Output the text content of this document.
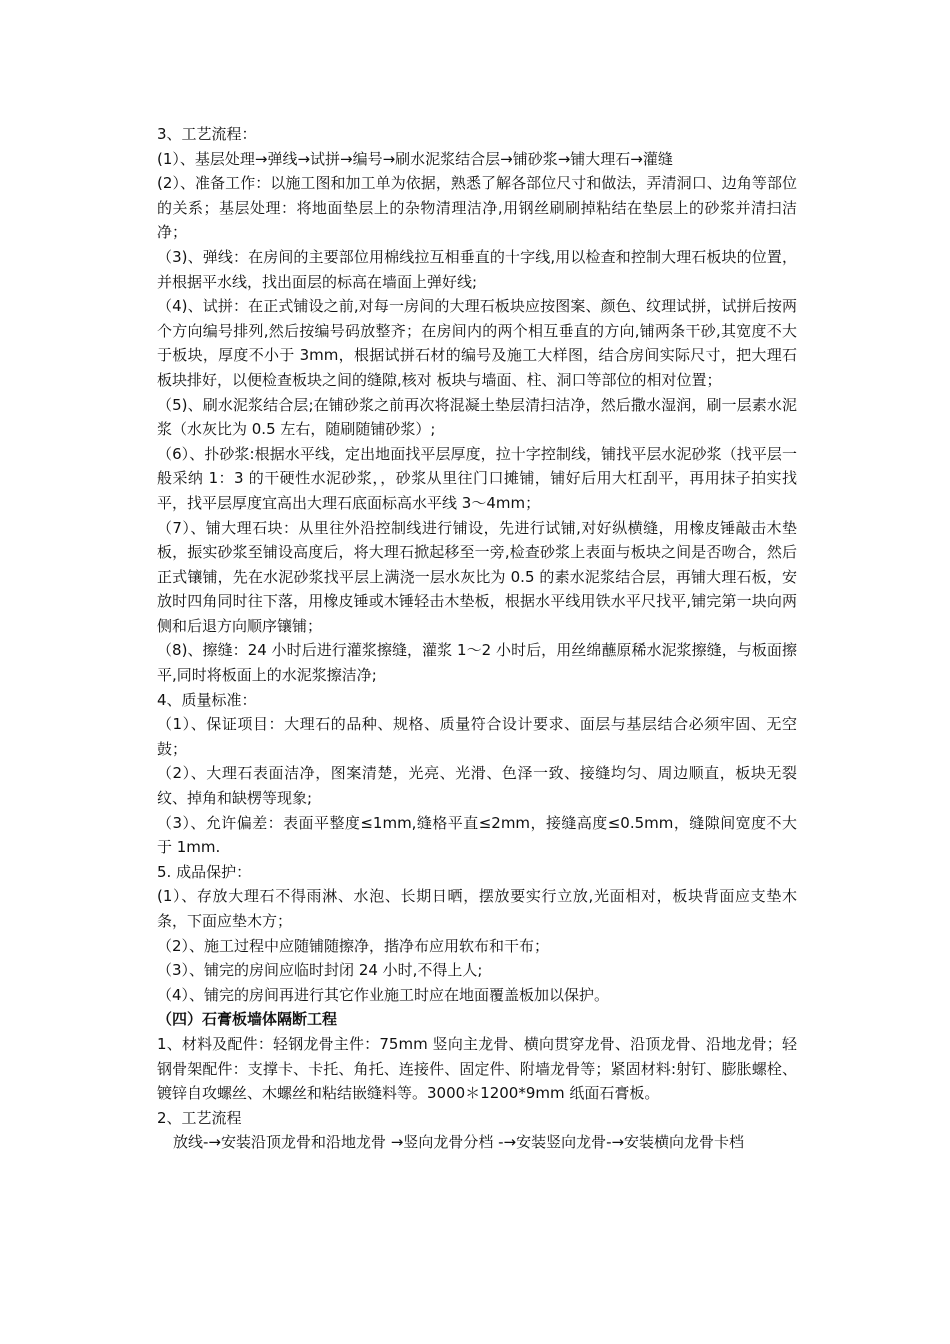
3、工艺流程：

(1）、基层处理→弹线→试拼→编号→刷水泥浆结合层→铺砂浆→铺大理石→灌缝

(2）、准备工作：以施工图和加工单为依据，熟悉了解各部位尺寸和做法，弄清洞口、边角等部位的关系；基层处理：将地面垫层上的杂物清理洁净,用钢丝刷刷掉粘结在垫层上的砂浆并清扫洁净；

（3)、弹线：在房间的主要部位用棉线拉互相垂直的十字线,用以检查和控制大理石板块的位置，并根据平水线，找出面层的标高在墙面上弹好线;

（4)、试拼：在正式铺设之前,对每一房间的大理石板块应按图案、颜色、纹理试拼，试拼后按两个方向编号排列,然后按编号码放整齐；在房间内的两个相互垂直的方向,铺两条干砂,其宽度不大于板块，厚度不小于 3mm，根据试拼石材的编号及施工大样图，结合房间实际尺寸，把大理石板块排好，以便检查板块之间的缝隙,核对 板块与墙面、柱、洞口等部位的相对位置；

（5)、刷水泥浆结合层;在铺砂浆之前再次将混凝土垫层清扫洁净，然后撒水湿润，刷一层素水泥浆（水灰比为 0.5 左右，随刷随铺砂浆）;

（6）、扑砂浆:根据水平线，定出地面找平层厚度，拉十字控制线，铺找平层水泥砂浆（找平层一般采纳 1：3 的干硬性水泥砂浆，，砂浆从里往门口摊铺，铺好后用大杠刮平，再用抹子拍实找平，找平层厚度宜高出大理石底面标高水平线 3～4mm；

（7）、铺大理石块：从里往外沿控制线进行铺设，先进行试铺,对好纵横缝，用橡皮锤敲击木垫板，振实砂浆至铺设高度后，将大理石掀起移至一旁,检查砂浆上表面与板块之间是否吻合，然后正式镶铺，先在水泥砂浆找平层上满浇一层水灰比为 0.5 的素水泥浆结合层，再铺大理石板，安放时四角同时往下落，用橡皮锤或木锤轻击木垫板，根据水平线用铁水平尺找平,铺完第一块向两侧和后退方向顺序镶铺；

（8)、擦缝：24 小时后进行灌浆擦缝，灌浆 1～2 小时后，用丝绵蘸原稀水泥浆擦缝，与板面擦平,同时将板面上的水泥浆擦洁净;

4、质量标准：

（1）、保证项目：大理石的品种、规格、质量符合设计要求、面层与基层结合必须牢固、无空鼓；

（2）、大理石表面洁净，图案清楚，光亮、光滑、色泽一致、接缝均匀、周边顺直，板块无裂纹、掉角和缺楞等现象;

（3）、允许偏差：表面平整度≤1mm,缝格平直≤2mm，接缝高度≤0.5mm，缝隙间宽度不大于 1mm.

5. 成品保护：

(1）、存放大理石不得雨淋、水泡、长期日晒，摆放要实行立放,光面相对，板块背面应支垫木条，下面应垫木方；

（2）、施工过程中应随铺随擦净，揩净布应用软布和干布；

（3）、铺完的房间应临时封闭 24 小时,不得上人;

（4）、铺完的房间再进行其它作业施工时应在地面覆盖板加以保护。

（四）石膏板墙体隔断工程

1、材料及配件：轻钢龙骨主件：75mm 竖向主龙骨、横向贯穿龙骨、沿顶龙骨、沿地龙骨；轻钢骨架配件：支撑卡、卡托、角托、连接件、固定件、附墙龙骨等；紧固材料:射钉、膨胀螺栓、镀锌自攻螺丝、木螺丝和粘结嵌缝料等。3000＊1200*9mm 纸面石膏板。

2、工艺流程

放线-→安装沿顶龙骨和沿地龙骨 →竖向龙骨分档 -→安装竖向龙骨-→安装横向龙骨卡档
